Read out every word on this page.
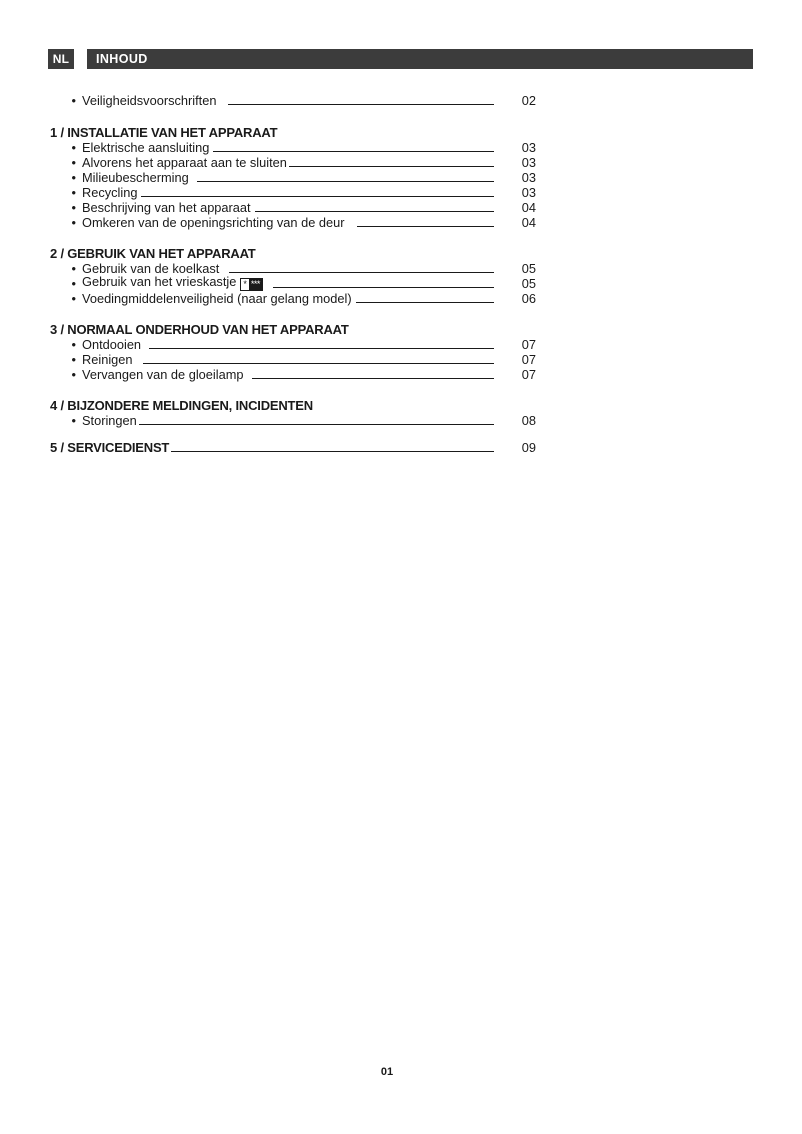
NL	INHOUD
• Veiligheidsvoorschriften	02
1 / INSTALLATIE VAN HET APPARAAT
• Elektrische aansluiting	03
• Alvorens het apparaat aan te sluiten	03
• Milieubescherming	03
• Recycling	03
• Beschrijving van het apparaat	04
• Omkeren van de openingsrichting van de deur	04
2 / GEBRUIK VAN HET APPARAAT
• Gebruik van de koelkast	05
• Gebruik van het vrieskastje * ***	05
• Voedingmiddelenveiligheid (naar gelang model)	06
3 / NORMAAL ONDERHOUD VAN HET APPARAAT
• Ontdooien	07
• Reinigen	07
• Vervangen van de gloeilamp	07
4 / BIJZONDERE MELDINGEN, INCIDENTEN
• Storingen	08
5 / SERVICEDIENST	09
01
